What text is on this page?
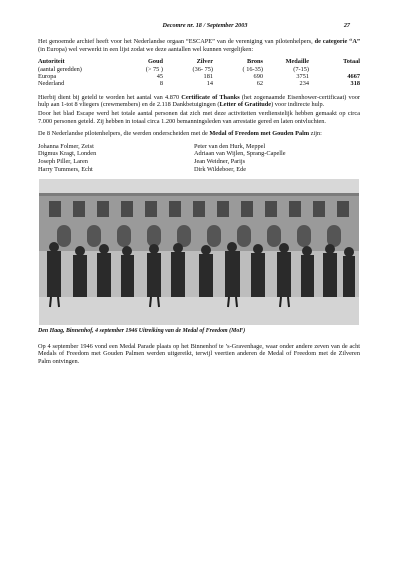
Decomre nr. 18 / September 2003	27

Het genoemde archief heeft voor het Nederlandse orgaan “ESCAPE” van de vereniging van pilotenhelpers, de categorie “A” (in Europa) wel verwerkt in een lijst zodat we deze aantallen wel kunnen vergelijken:

Autoriteit	Goud	Zilver	Brons	Medaille	Totaal
(aantal geredden)	(> 75 )	(36- 75)	( 16-35)	(7-15)	
Europa	45	181	690	3751	4667
Nederland	8	14	62	234	318

Hierbij dient bij geteld te worden het aantal van 4.870 Certificate of Thanks (het zogenaamde Eisenhower-certificaat) voor hulp aan 1-tot 8 vliegers (crewmembers) en de 2.118 Dankbetuigingen (Letter of Gratitude) voor indirecte hulp.

Door het blad Escape werd het totale aantal personen dat zich met deze activiteiten verdienstelijk hebben gemaakt op circa 7.000 personen geteld. Zij hebben in totaal circa 1.200 bemanningsleden van arrestatie gered en laten ontvluchten.

De 8 Nederlandse pilotenhelpers, die werden onderscheiden met de Medal of Freedom met Gouden Palm zijn:

Johanna Folmer, Zeist	Peter van den Hurk, Meppel
Digmus Kragt, Londen	Adriaan van Wijlen, Sprang-Capelle
Joseph Piller, Laren	Jean Weidner, Parijs
Harry Tummers, Echt	Dirk Wildeboer, Ede
Den Haag, Binnenhof, 4 september 1946 Uitreiking van de Medal of Freedom (MoF)

Op 4 september 1946 vond een Medal Parade plaats op het Binnenhof te ’s-Gravenhage, waar onder andere zeven van de acht Medals of Freedom met Gouden Palmen werden uitgereikt, terwijl veertien anderen de Medal of Freedom met de Zilveren Palm ontvingen.
